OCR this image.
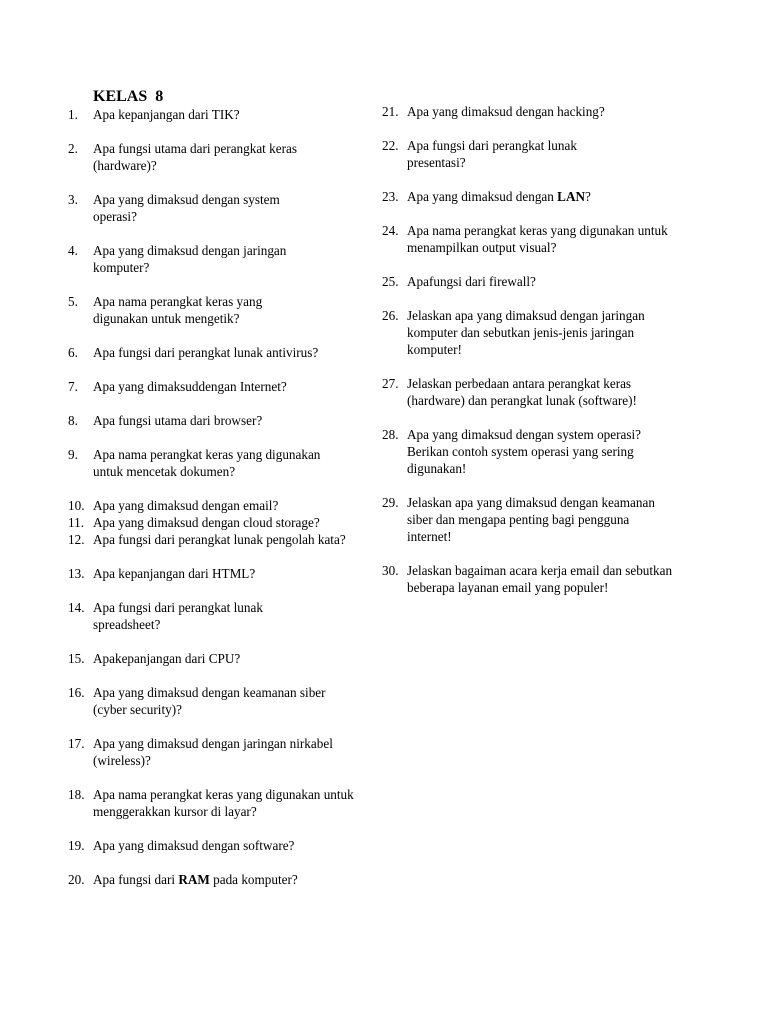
KELAS  8
1. Apa kepanjangan dari TIK?
2. Apa fungsi utama dari perangkat keras (hardware)?
3. Apa yang dimaksud dengan system operasi?
4. Apa yang dimaksud dengan jaringan komputer?
5. Apa nama perangkat keras yang digunakan untuk mengetik?
6. Apa fungsi dari perangkat lunak antivirus?
7. Apa yang dimaksuddengan Internet?
8. Apa fungsi utama dari browser?
9. Apa nama perangkat keras yang digunakan untuk mencetak dokumen?
10. Apa yang dimaksud dengan email?
11. Apa yang dimaksud dengan cloud storage?
12. Apa fungsi dari perangkat lunak pengolah kata?
13. Apa kepanjangan dari HTML?
14. Apa fungsi dari perangkat lunak spreadsheet?
15. Apakepanjangan dari CPU?
16. Apa yang dimaksud dengan keamanan siber (cyber security)?
17. Apa yang dimaksud dengan jaringan nirkabel (wireless)?
18. Apa nama perangkat keras yang digunakan untuk menggerakkan kursor di layar?
19. Apa yang dimaksud dengan software?
20. Apa fungsi dari RAM pada komputer?
21. Apa yang dimaksud dengan hacking?
22. Apa fungsi dari perangkat lunak presentasi?
23. Apa yang dimaksud dengan LAN?
24. Apa nama perangkat keras yang digunakan untuk menampilkan output visual?
25. Apafungsi dari firewall?
26. Jelaskan apa yang dimaksud dengan jaringan komputer dan sebutkan jenis-jenis jaringan komputer!
27. Jelaskan perbedaan antara perangkat keras (hardware) dan perangkat lunak (software)!
28. Apa yang dimaksud dengan system operasi? Berikan contoh system operasi yang sering digunakan!
29. Jelaskan apa yang dimaksud dengan keamanan siber dan mengapa penting bagi pengguna internet!
30. Jelaskan bagaiman acara kerja email dan sebutkan beberapa layanan email yang populer!
